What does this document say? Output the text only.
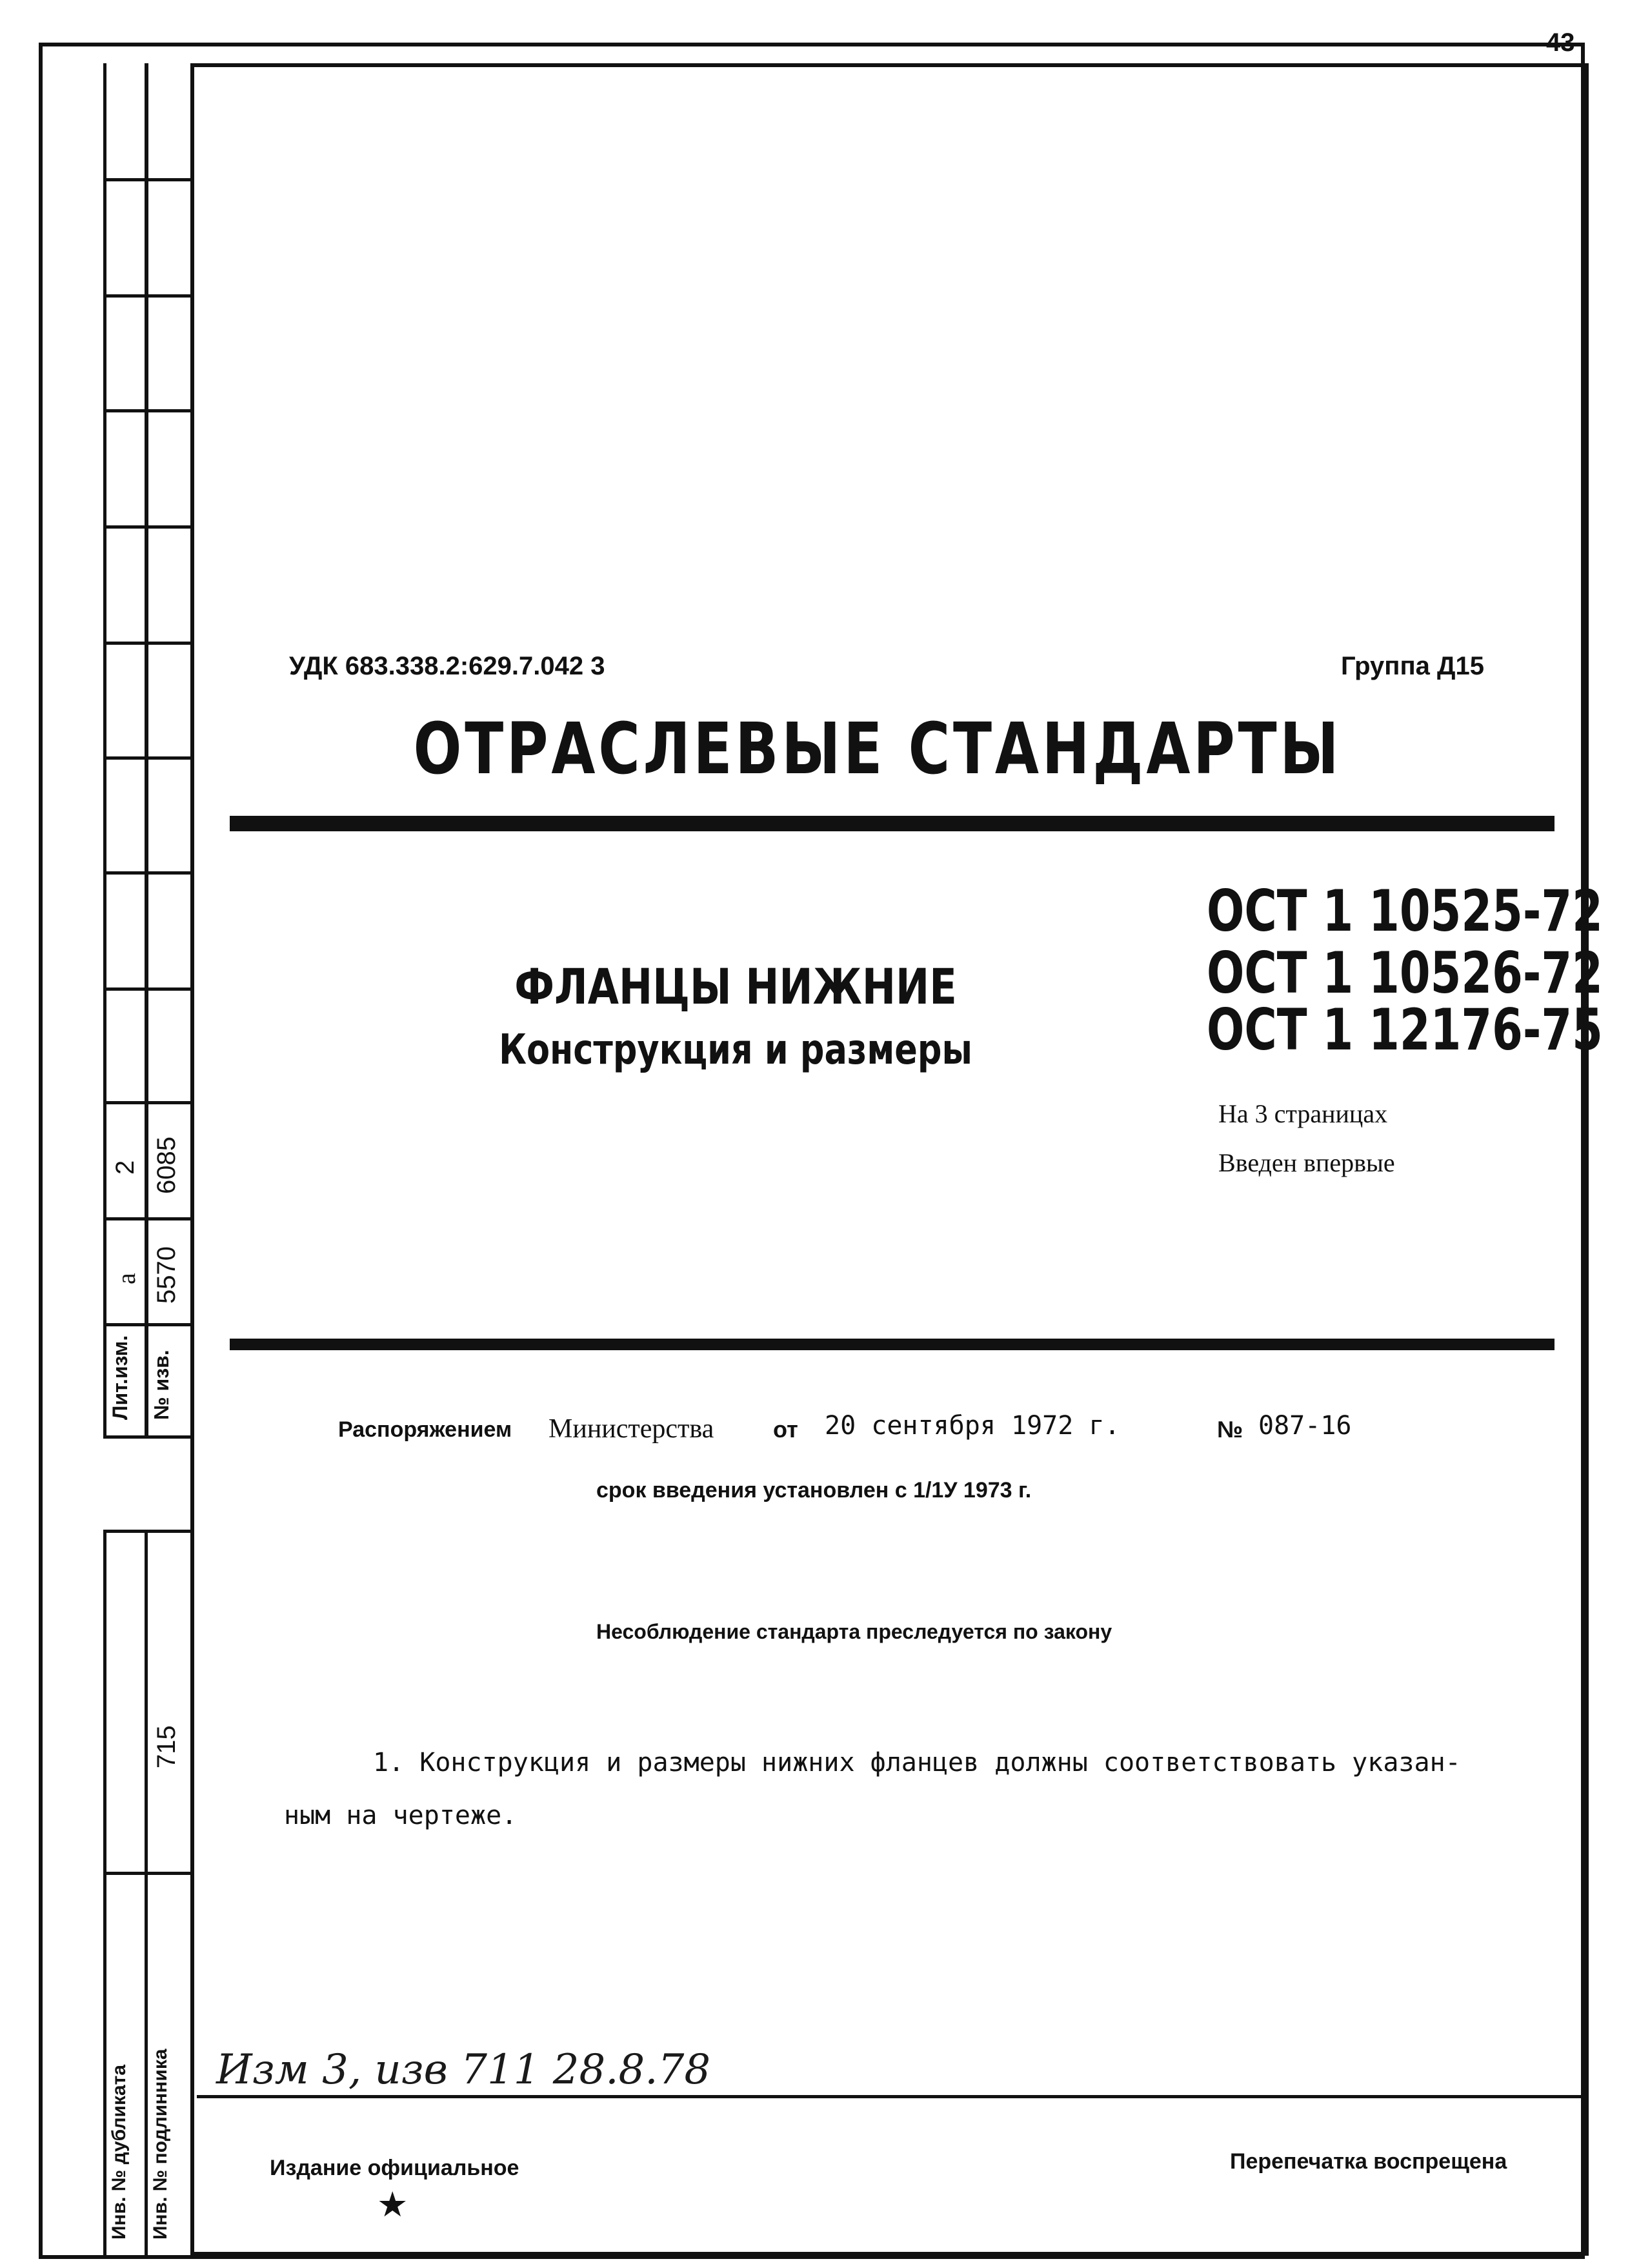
43
Лит.изм. № изв.
а 5570
2 6085
Инв. № дубликата Инв. № подлинника
715
УДК 683.338.2:629.7.042 3	Группа Д15
ОТРАСЛЕВЫЕ СТАНДАРТЫ
ФЛАНЦЫ НИЖНИЕ
Конструкция и размеры
ОСТ 1 10525-72
ОСТ 1 10526-72
ОСТ 1 12176-75
На 3 страницах
Введен впервые
Распоряжением Министерства	от 20 сентября 1972 г.	№ 087-16
срок введения установлен с 1/1У 1973 г.
Несоблюдение стандарта преследуется по закону
1. Конструкция и размеры нижних фланцев должны соответствовать указан-
ным на чертеже.
Изм 3, изв 711 28.8.78
Издание официальное
★
Перепечатка воспрещена
